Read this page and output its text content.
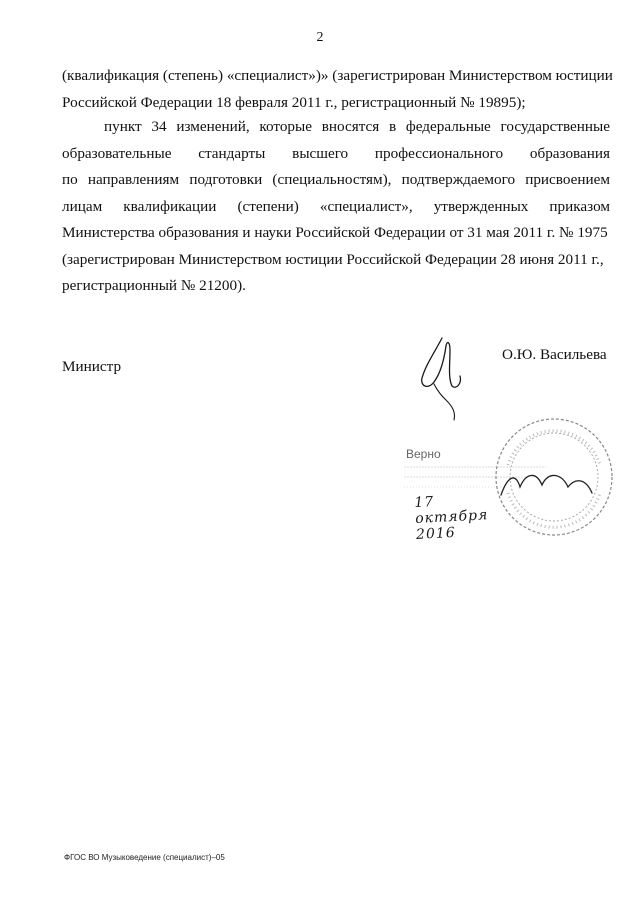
2
(квалификация (степень) «специалист»)» (зарегистрирован Министерством юстиции
Российской Федерации 18 февраля 2011 г., регистрационный № 19895);
пункт 34 изменений, которые вносятся в федеральные государственные
образовательные стандарты высшего профессионального образования
по направлениям подготовки (специальностям), подтверждаемого присвоением
лицам квалификации (степени) «специалист», утвержденных приказом
Министерства образования и науки Российской Федерации от 31 мая 2011 г. № 1975
(зарегистрирован Министерством юстиции Российской Федерации 28 июня 2011 г.,
регистрационный № 21200).
Министр
О.Ю. Васильева
Верно
17 октября 2016
ФГОС ВО Музыковедение (специалист)–05
